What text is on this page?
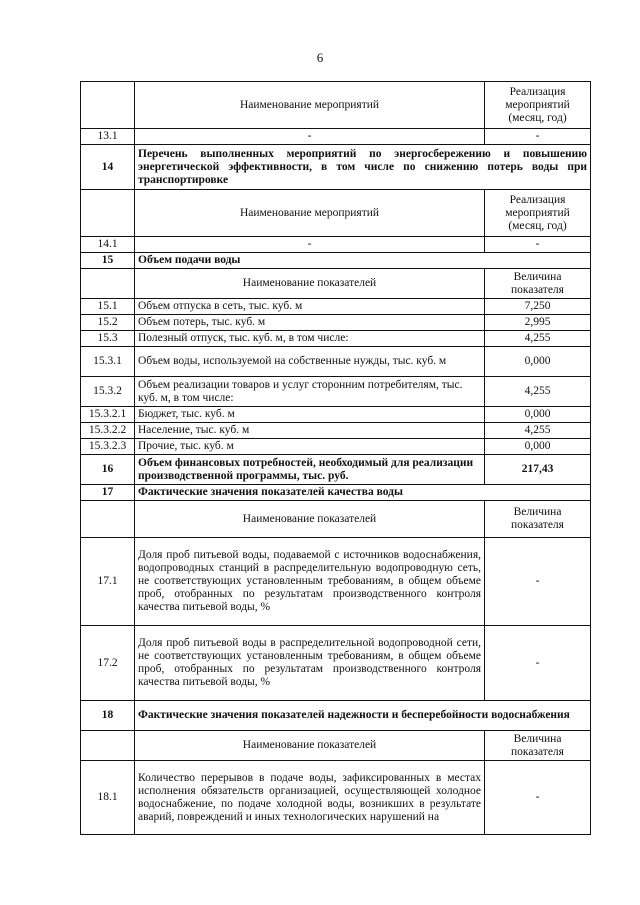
6
	Наименование мероприятий	Реализация мероприятий (месяц, год)
13.1	-	-
14	Перечень выполненных мероприятий по энергосбережению и повышению энергетической эффективности, в том числе по снижению потерь воды при транспортировке	
	Наименование мероприятий	Реализация мероприятий (месяц, год)
14.1	-	-
15	Объем подачи воды	
	Наименование показателей	Величина показателя
15.1	Объем отпуска в сеть, тыс. куб. м	7,250
15.2	Объем потерь, тыс. куб. м	2,995
15.3	Полезный отпуск, тыс. куб. м, в том числе:	4,255
15.3.1	Объем воды, используемой на собственные нужды, тыс. куб. м	0,000
15.3.2	Объем реализации товаров и услуг сторонним потребителям, тыс. куб. м, в том числе:	4,255
15.3.2.1	Бюджет, тыс. куб. м	0,000
15.3.2.2	Население, тыс. куб. м	4,255
15.3.2.3	Прочие, тыс. куб. м	0,000
16	Объем финансовых потребностей, необходимый для реализации производственной программы, тыс. руб.	217,43
17	Фактические значения показателей качества воды	
	Наименование показателей	Величина показателя
17.1	Доля проб питьевой воды, подаваемой с источников водоснабжения, водопроводных станций в распределительную водопроводную сеть, не соответствующих установленным требованиям, в общем объеме проб, отобранных по результатам производственного контроля качества питьевой воды, %	-
17.2	Доля проб питьевой воды в распределительной водопроводной сети, не соответствующих установленным требованиям, в общем объеме проб, отобранных по результатам производственного контроля качества питьевой воды, %	-
18	Фактические значения показателей надежности и бесперебойности водоснабжения	
	Наименование показателей	Величина показателя
18.1	Количество перерывов в подаче воды, зафиксированных в местах исполнения обязательств организацией, осуществляющей холодное водоснабжение, по подаче холодной воды, возникших в результате аварий, повреждений и иных технологических нарушений на	-
